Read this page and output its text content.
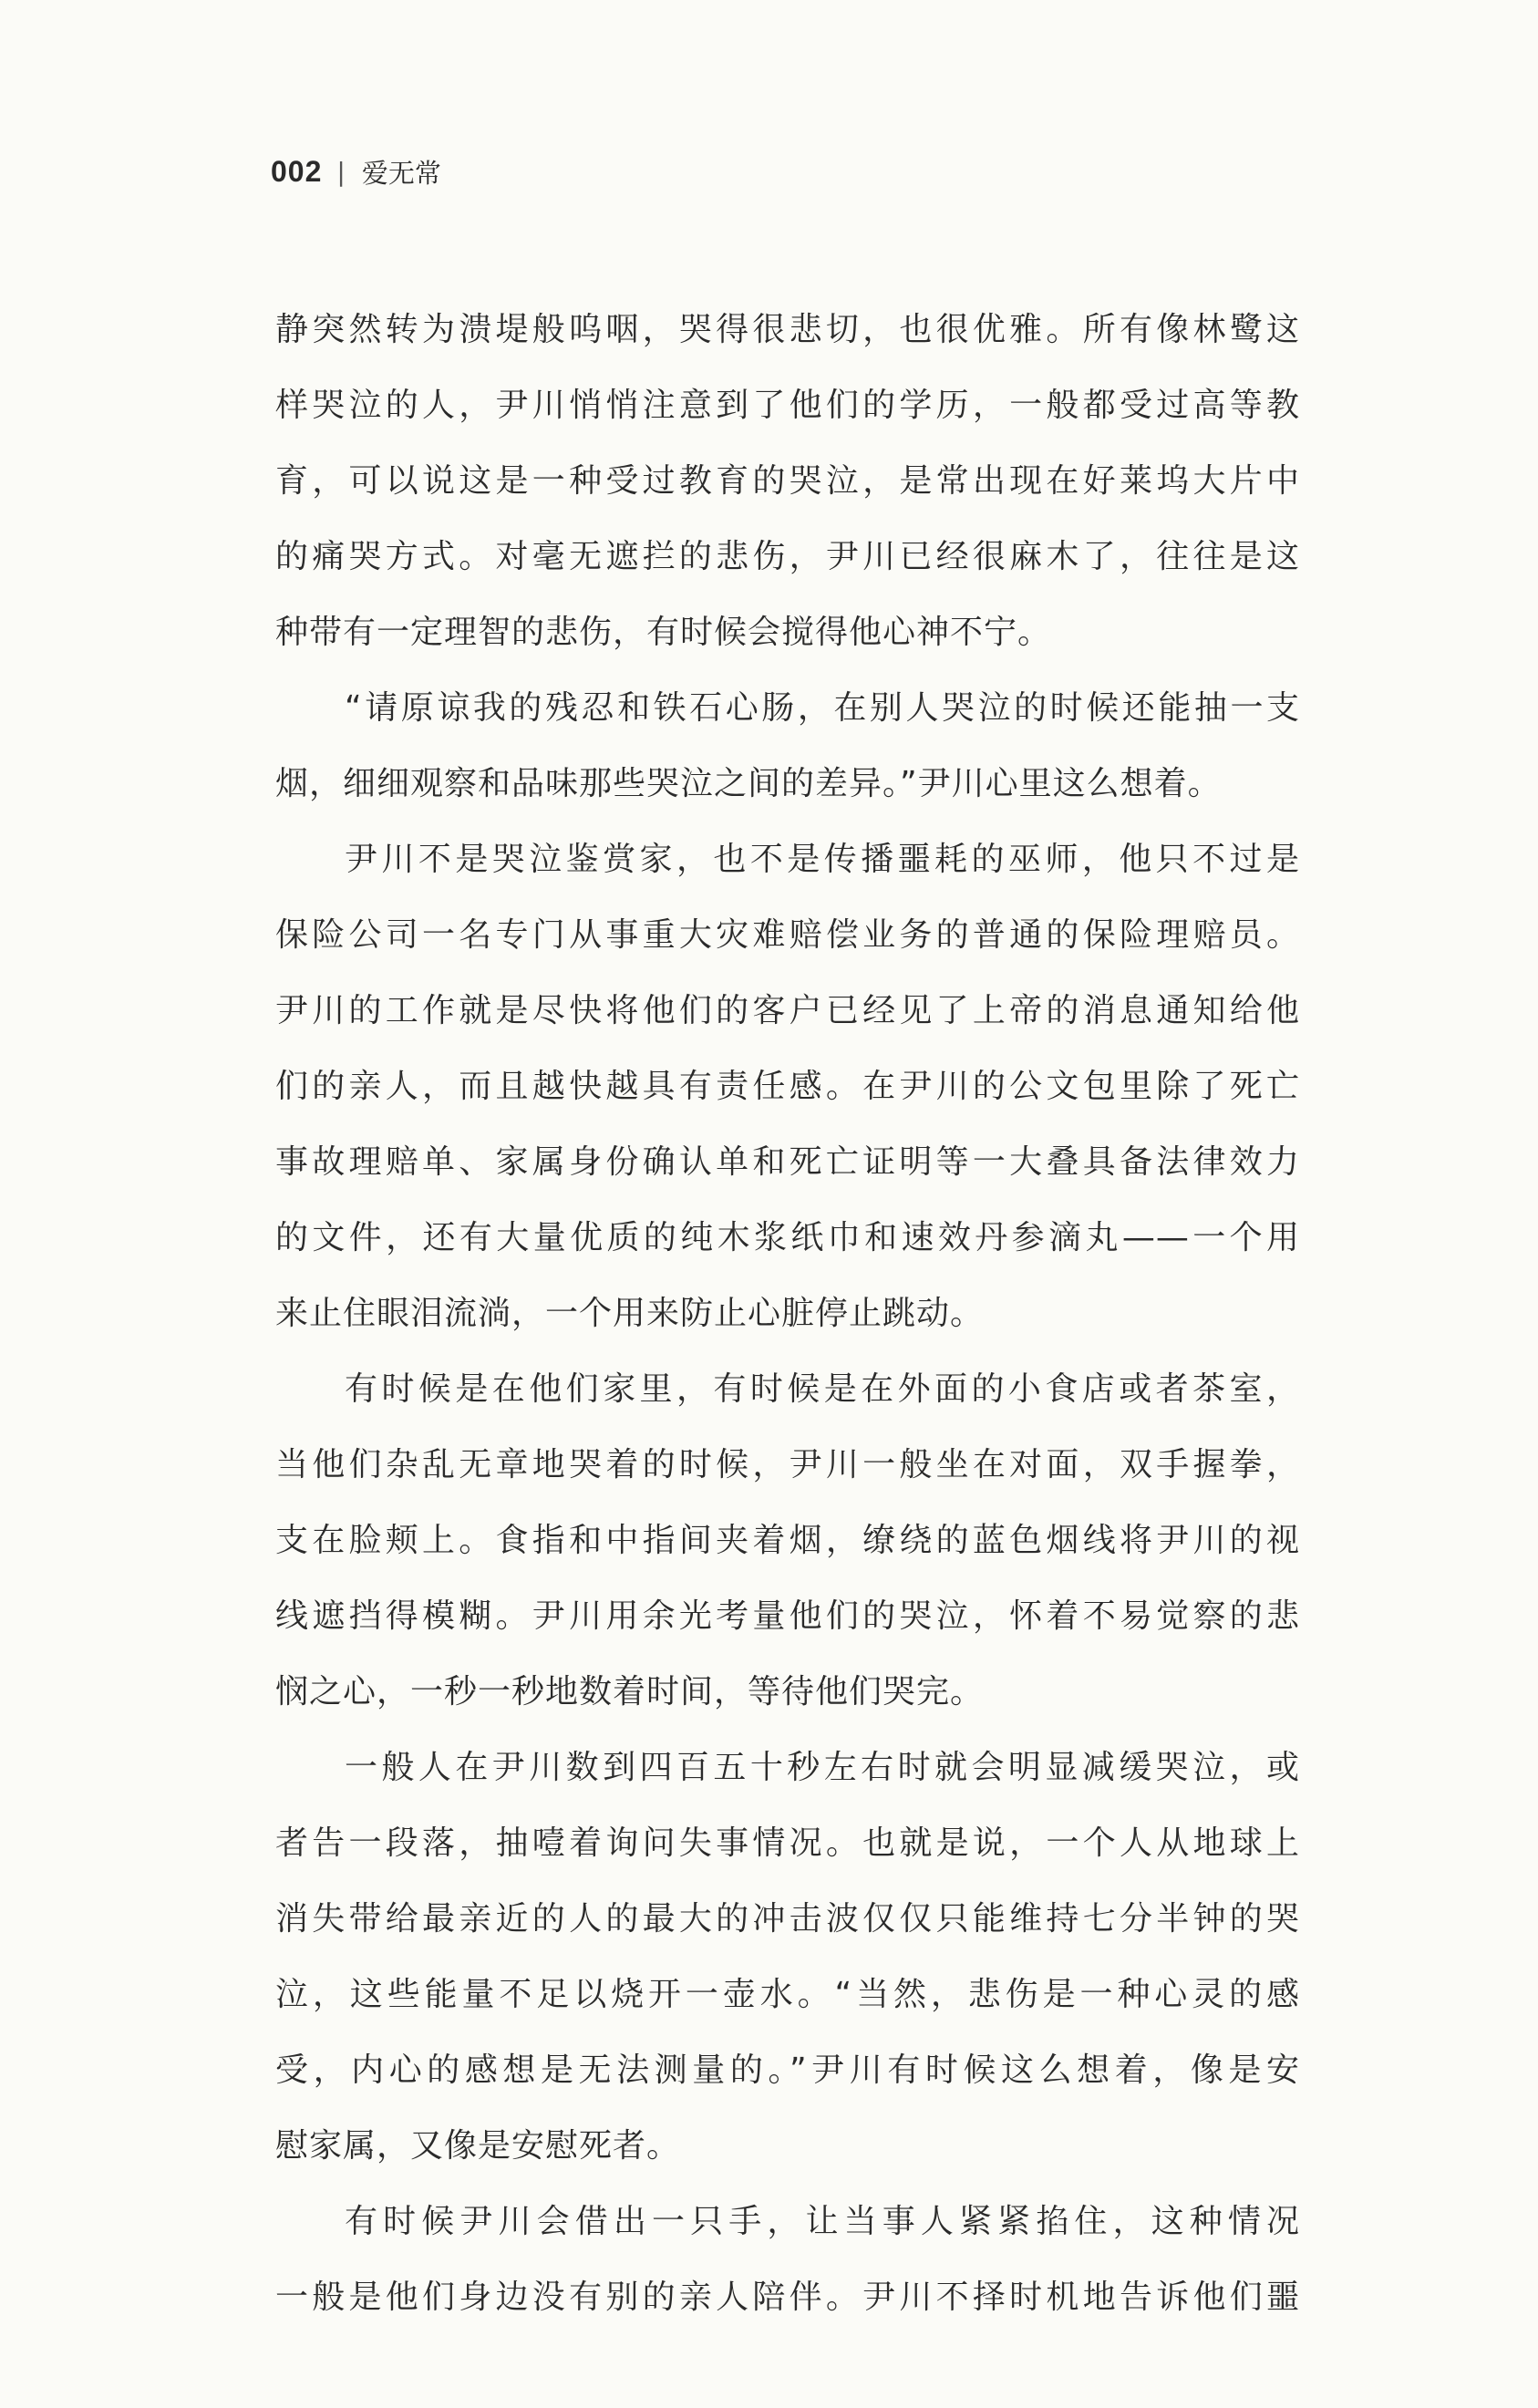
002 | 爱无常
静突然转为溃堤般呜咽，哭得很悲切，也很优雅。所有像林鹭这
样哭泣的人，尹川悄悄注意到了他们的学历，一般都受过高等教
育，可以说这是一种受过教育的哭泣，是常出现在好莱坞大片中
的痛哭方式。对毫无遮拦的悲伤，尹川已经很麻木了，往往是这
种带有一定理智的悲伤，有时候会搅得他心神不宁。
“请原谅我的残忍和铁石心肠，在别人哭泣的时候还能抽一支
烟，细细观察和品味那些哭泣之间的差异。”尹川心里这么想着。
尹川不是哭泣鉴赏家，也不是传播噩耗的巫师，他只不过是
保险公司一名专门从事重大灾难赔偿业务的普通的保险理赔员。
尹川的工作就是尽快将他们的客户已经见了上帝的消息通知给他
们的亲人，而且越快越具有责任感。在尹川的公文包里除了死亡
事故理赔单、家属身份确认单和死亡证明等一大叠具备法律效力
的文件，还有大量优质的纯木浆纸巾和速效丹参滴丸——一个用
来止住眼泪流淌，一个用来防止心脏停止跳动。
有时候是在他们家里，有时候是在外面的小食店或者茶室，
当他们杂乱无章地哭着的时候，尹川一般坐在对面，双手握拳，
支在脸颊上。食指和中指间夹着烟，缭绕的蓝色烟线将尹川的视
线遮挡得模糊。尹川用余光考量他们的哭泣，怀着不易觉察的悲
悯之心，一秒一秒地数着时间，等待他们哭完。
一般人在尹川数到四百五十秒左右时就会明显减缓哭泣，或
者告一段落，抽噎着询问失事情况。也就是说，一个人从地球上
消失带给最亲近的人的最大的冲击波仅仅只能维持七分半钟的哭
泣，这些能量不足以烧开一壶水。“当然，悲伤是一种心灵的感
受，内心的感想是无法测量的。”尹川有时候这么想着，像是安
慰家属，又像是安慰死者。
有时候尹川会借出一只手，让当事人紧紧掐住，这种情况
一般是他们身边没有别的亲人陪伴。尹川不择时机地告诉他们噩
